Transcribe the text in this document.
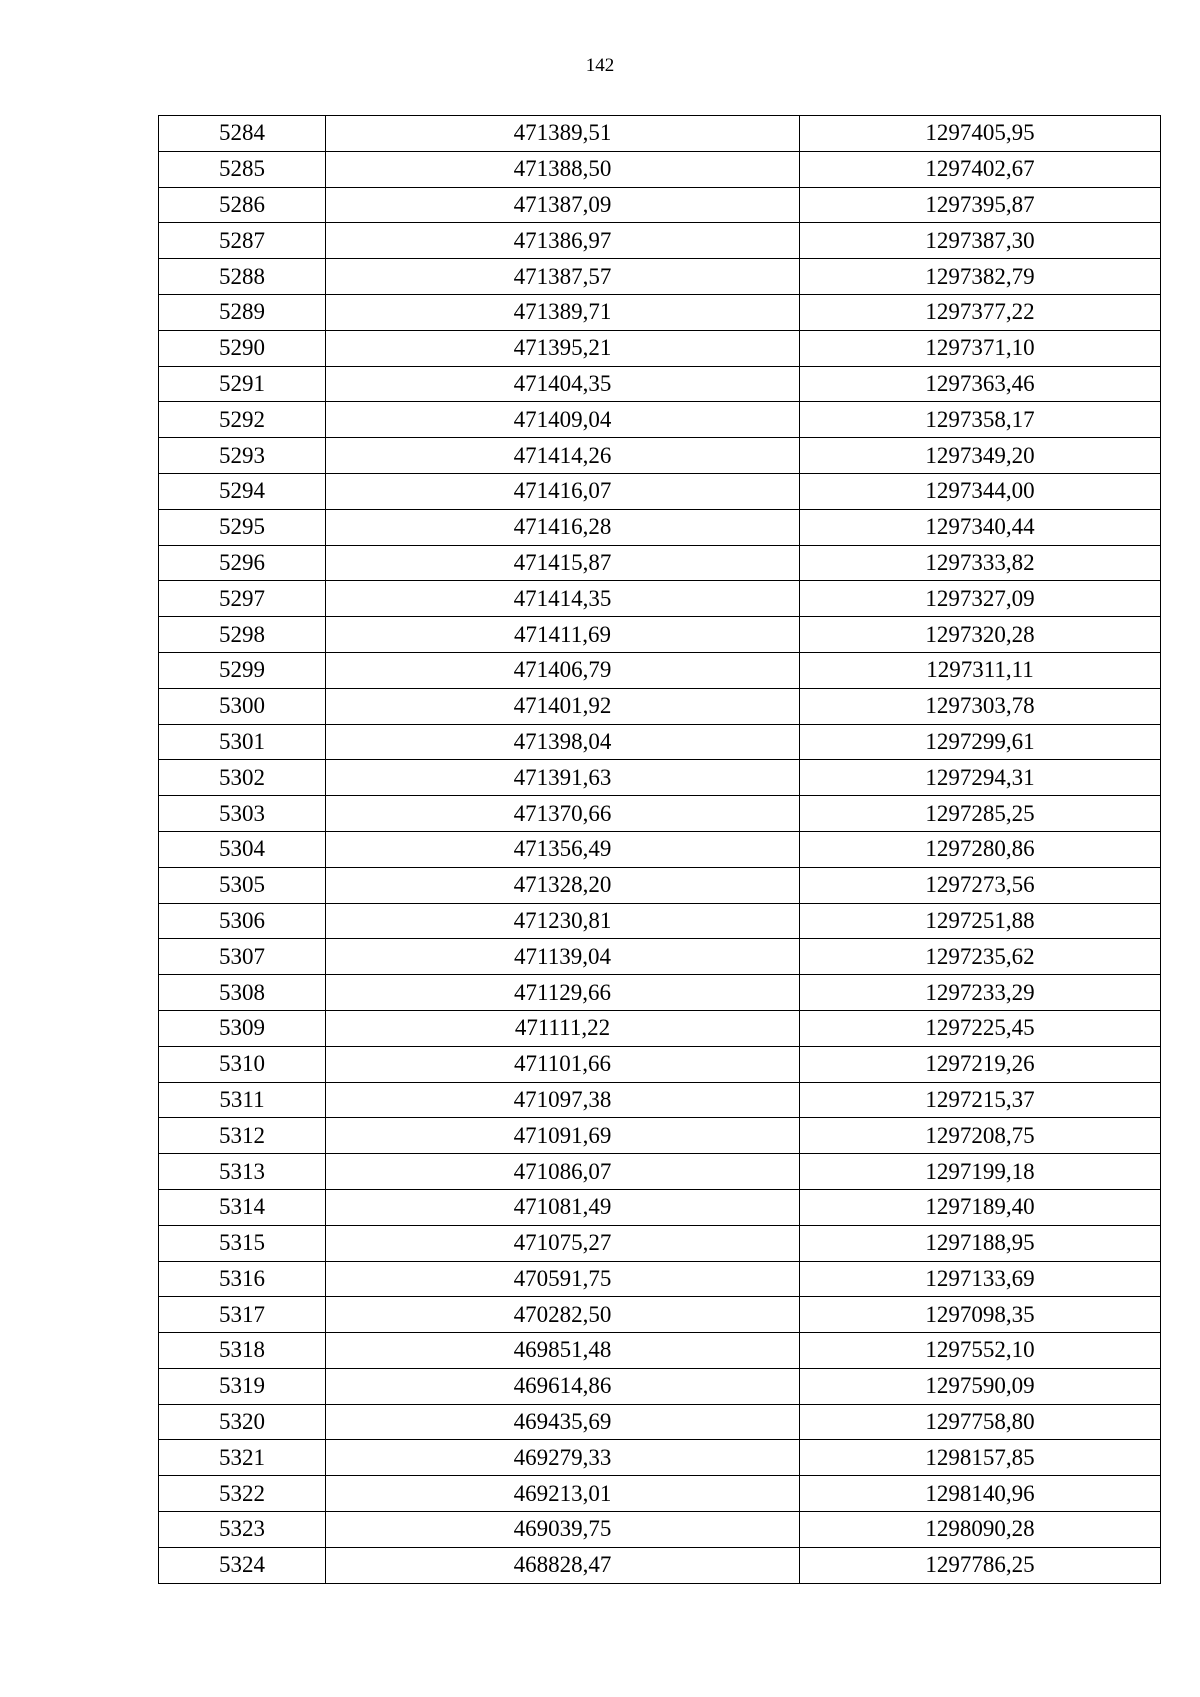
142
5284	471389,51	1297405,95
5285	471388,50	1297402,67
5286	471387,09	1297395,87
5287	471386,97	1297387,30
5288	471387,57	1297382,79
5289	471389,71	1297377,22
5290	471395,21	1297371,10
5291	471404,35	1297363,46
5292	471409,04	1297358,17
5293	471414,26	1297349,20
5294	471416,07	1297344,00
5295	471416,28	1297340,44
5296	471415,87	1297333,82
5297	471414,35	1297327,09
5298	471411,69	1297320,28
5299	471406,79	1297311,11
5300	471401,92	1297303,78
5301	471398,04	1297299,61
5302	471391,63	1297294,31
5303	471370,66	1297285,25
5304	471356,49	1297280,86
5305	471328,20	1297273,56
5306	471230,81	1297251,88
5307	471139,04	1297235,62
5308	471129,66	1297233,29
5309	471111,22	1297225,45
5310	471101,66	1297219,26
5311	471097,38	1297215,37
5312	471091,69	1297208,75
5313	471086,07	1297199,18
5314	471081,49	1297189,40
5315	471075,27	1297188,95
5316	470591,75	1297133,69
5317	470282,50	1297098,35
5318	469851,48	1297552,10
5319	469614,86	1297590,09
5320	469435,69	1297758,80
5321	469279,33	1298157,85
5322	469213,01	1298140,96
5323	469039,75	1298090,28
5324	468828,47	1297786,25
